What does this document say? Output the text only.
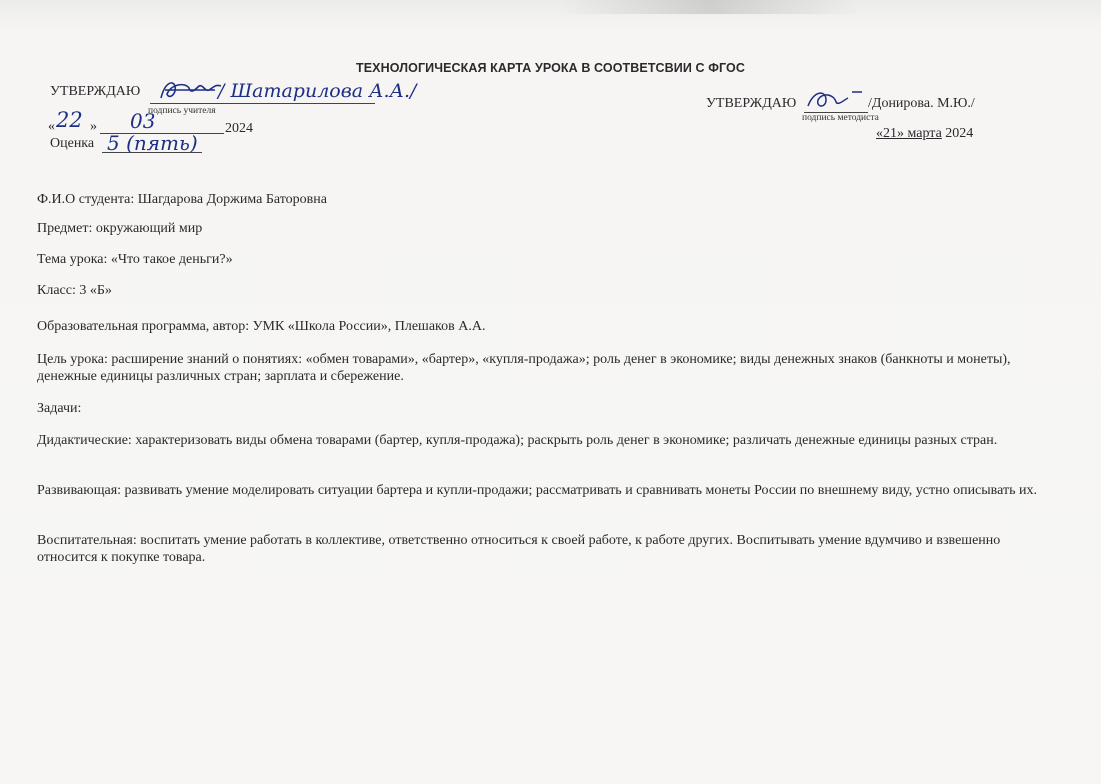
ТЕХНОЛОГИЧЕСКАЯ КАРТА УРОКА В СООТВЕТСВИИ С ФГОС
УТВЕРЖДАЮ	/ Шатарилова А.А./
подпись учителя
« 22 » 03	2024
Оценка 5 (пять)
УТВЕРЖДАЮ	/Донирова. М.Ю./
подпись методиста
«21» марта 2024
Ф.И.О студента: Шагдарова Доржима Баторовна
Предмет: окружающий мир
Тема урока: «Что такое деньги?»
Класс: 3 «Б»
Образовательная программа, автор: УМК «Школа России», Плешаков А.А.
Цель урока: расширение знаний о понятиях: «обмен товарами», «бартер», «купля-продажа»; роль денег в экономике; виды денежных знаков (банкноты и монеты), денежные единицы различных стран; зарплата и сбережение.
Задачи:
Дидактические: характеризовать виды обмена товарами (бартер, купля-продажа); раскрыть роль денег в экономике; различать денежные единицы разных стран.
Развивающая: развивать умение моделировать ситуации бартера и купли-продажи; рассматривать и сравнивать монеты России по внешнему виду, устно описывать их.
Воспитательная: воспитать умение работать в коллективе, ответственно относиться к своей работе, к работе других. Воспитывать умение вдумчиво и взвешенно относится к покупке товара.
